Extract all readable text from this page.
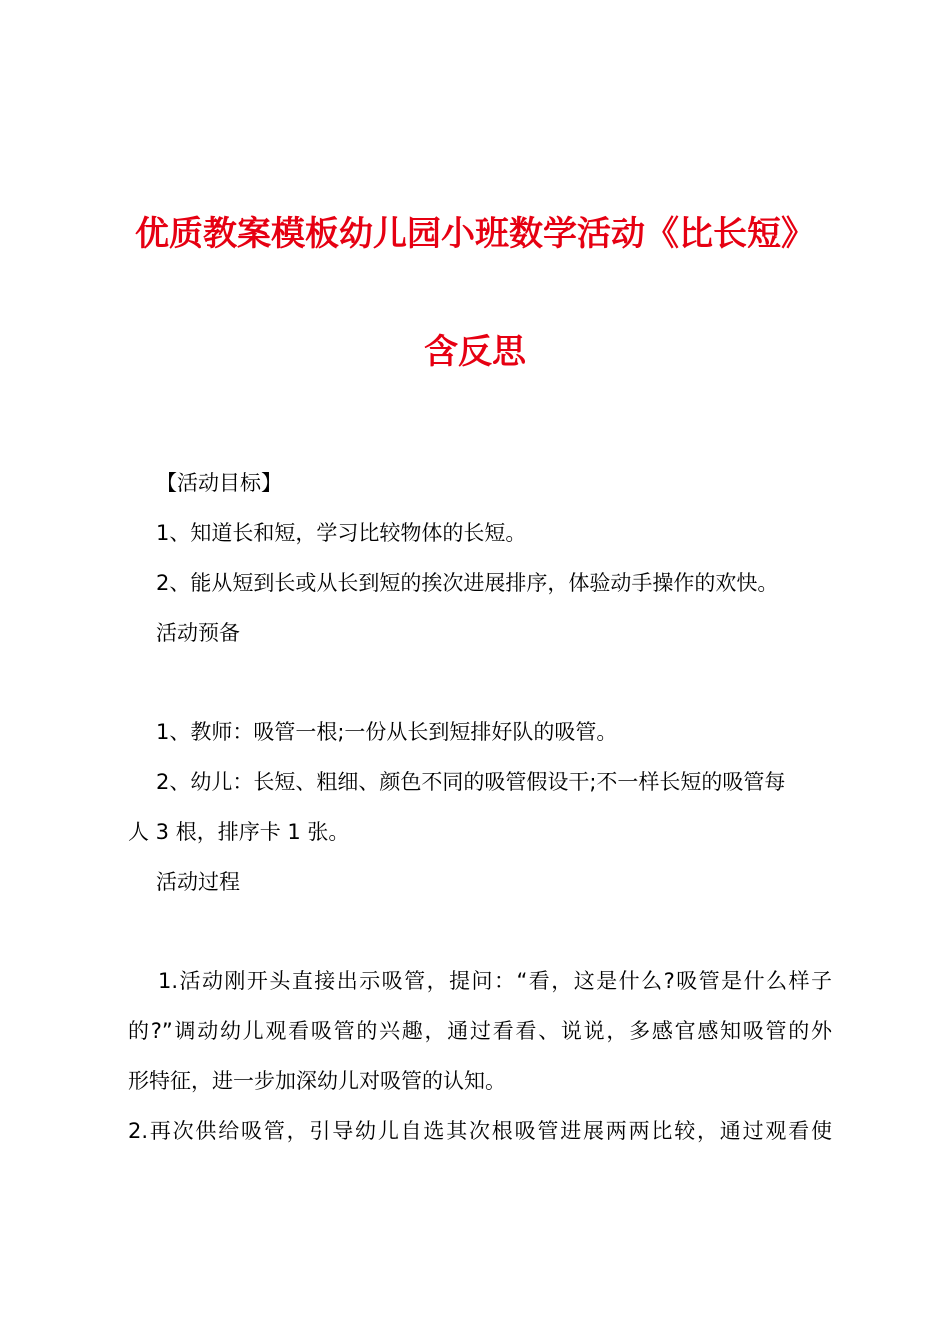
优质教案模板幼儿园小班数学活动《比长短》
含反思
【活动目标】
1、知道长和短，学习比较物体的长短。
2、能从短到长或从长到短的挨次进展排序，体验动手操作的欢快。
活动预备
1、教师：吸管一根;一份从长到短排好队的吸管。
2、幼儿：长短、粗细、颜色不同的吸管假设干;不一样长短的吸管每
人 3 根，排序卡 1 张。
活动过程
1.活动刚开头直接出示吸管，提问：“看，这是什么?吸管是什么样子
的?”调动幼儿观看吸管的兴趣，通过看看、说说，多感官感知吸管的外
形特征，进一步加深幼儿对吸管的认知。
2.再次供给吸管，引导幼儿自选其次根吸管进展两两比较，通过观看使
